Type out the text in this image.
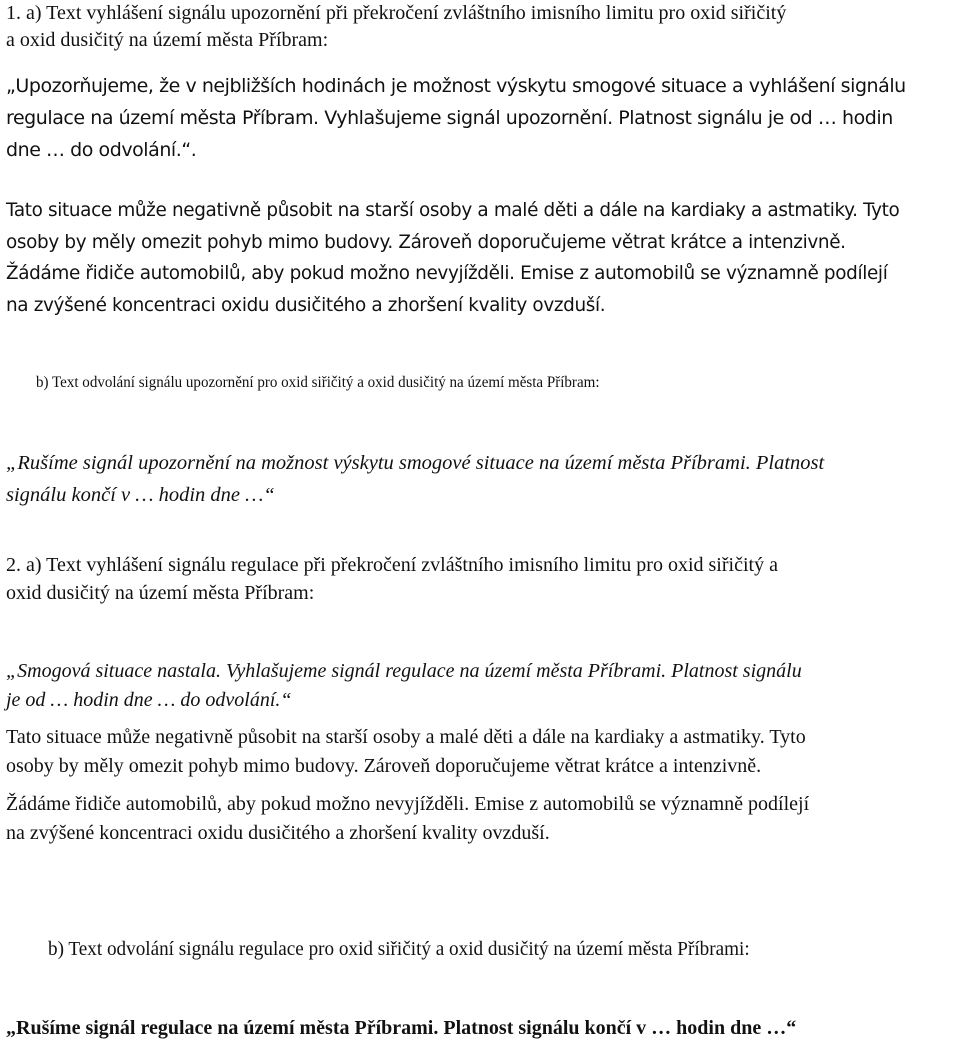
1. a) Text vyhlášení signálu upozornění při překročení zvláštního imisního limitu pro oxid siřičitý
a oxid dusičitý na území města Příbram:

„Upozorňujeme, že v nejbližších hodinách je možnost výskytu smogové situace a vyhlášení signálu
regulace na území města Příbram. Vyhlašujeme signál upozornění. Platnost signálu je od … hodin
dne … do odvolání.“.

Tato situace může negativně působit na starší osoby a malé děti a dále na kardiaky a astmatiky. Tyto
osoby by měly omezit pohyb mimo budovy. Zároveň doporučujeme větrat krátce a intenzivně.

Žádáme řidiče automobilů, aby pokud možno nevyjížděli. Emise z automobilů se významně podílejí
na zvýšené koncentraci oxidu dusičitého a zhoršení kvality ovzduší.

b) Text odvolání signálu upozornění pro oxid siřičitý a oxid dusičitý na území města Příbram:

„Rušíme signál upozornění na možnost výskytu smogové situace na území města Příbrami. Platnost
signálu končí v … hodin dne …“

2. a) Text vyhlášení signálu regulace při překročení zvláštního imisního limitu pro oxid siřičitý a
oxid dusičitý na území města Příbram:

„Smogová situace nastala. Vyhlašujeme signál regulace na území města Příbrami. Platnost signálu
je od … hodin dne … do odvolání.“

Tato situace může negativně působit na starší osoby a malé děti a dále na kardiaky a astmatiky. Tyto
osoby by měly omezit pohyb mimo budovy. Zároveň doporučujeme větrat krátce a intenzivně.

Žádáme řidiče automobilů, aby pokud možno nevyjížděli. Emise z automobilů se významně podílejí
na zvýšené koncentraci oxidu dusičitého a zhoršení kvality ovzduší.

b) Text odvolání signálu regulace pro oxid siřičitý a oxid dusičitý na území města Příbrami:

„Rušíme signál regulace na území města Příbrami. Platnost signálu končí v … hodin dne …“
